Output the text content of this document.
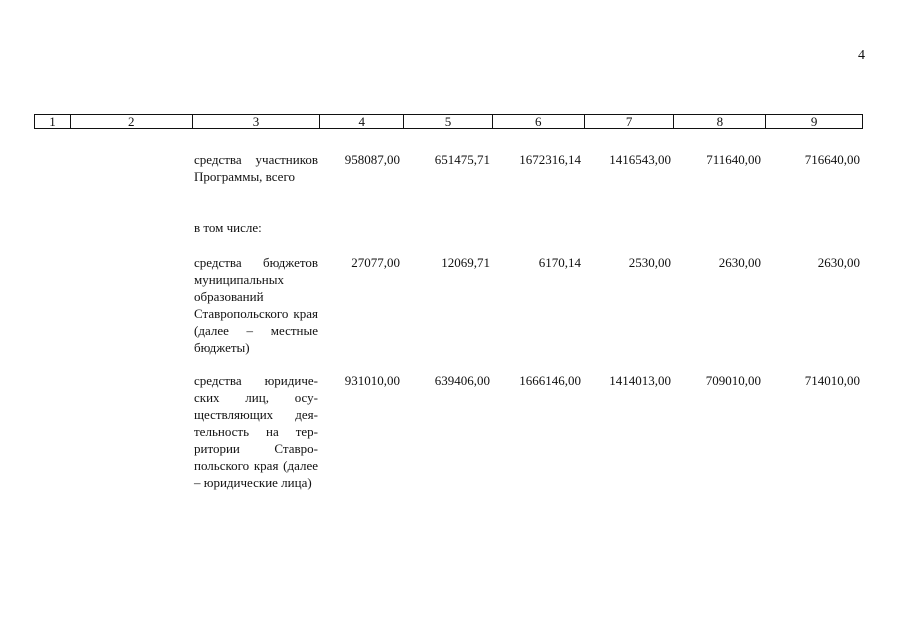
4
1	2	3	4	5	6	7	8	9
средства участников Программы, всего
958087,00	651475,71 1672316,14 1416543,00	711640,00	716640,00
в том числе:
средства бюджетов муниципальных образований Ставропольского края (далее – местные бюджеты)
27077,00	12069,71	6170,14	2530,00	2630,00	2630,00
средства юридических лиц, осуществляющих деятельность на территории Ставропольского края (далее – юридические лица)
931010,00	639406,00 1666146,00 1414013,00	709010,00	714010,00
